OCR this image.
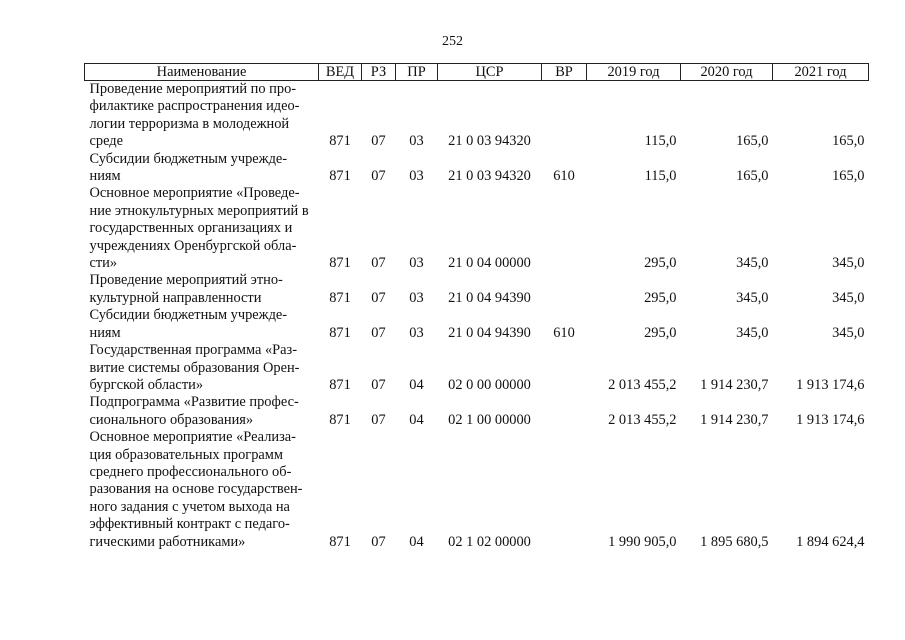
252
Наименование	ВЕД	РЗ	ПР	ЦСР	ВР	2019 год	2020 год	2021 год
Проведение мероприятий по про-филактике распространения идео-логии терроризма в молодежной среде	871	07	03	21 0 03 94320		115,0	165,0	165,0
Субсидии бюджетным учрежде-ниям	871	07	03	21 0 03 94320	610	115,0	165,0	165,0
Основное мероприятие «Проведе-ние этнокультурных мероприятий в государственных организациях и учреждениях Оренбургской обла-сти»	871	07	03	21 0 04 00000		295,0	345,0	345,0
Проведение мероприятий этно-культурной направленности	871	07	03	21 0 04 94390		295,0	345,0	345,0
Субсидии бюджетным учрежде-ниям	871	07	03	21 0 04 94390	610	295,0	345,0	345,0
Государственная программа «Раз-витие системы образования Орен-бургской области»	871	07	04	02 0 00 00000		2 013 455,2	1 914 230,7	1 913 174,6
Подпрограмма «Развитие профес-сионального образования»	871	07	04	02 1 00 00000		2 013 455,2	1 914 230,7	1 913 174,6
Основное мероприятие «Реализа-ция образовательных программ среднего профессионального об-разования на основе государствен-ного задания с учетом выхода на эффективный контракт с педаго-гическими работниками»	871	07	04	02 1 02 00000		1 990 905,0	1 895 680,5	1 894 624,4
